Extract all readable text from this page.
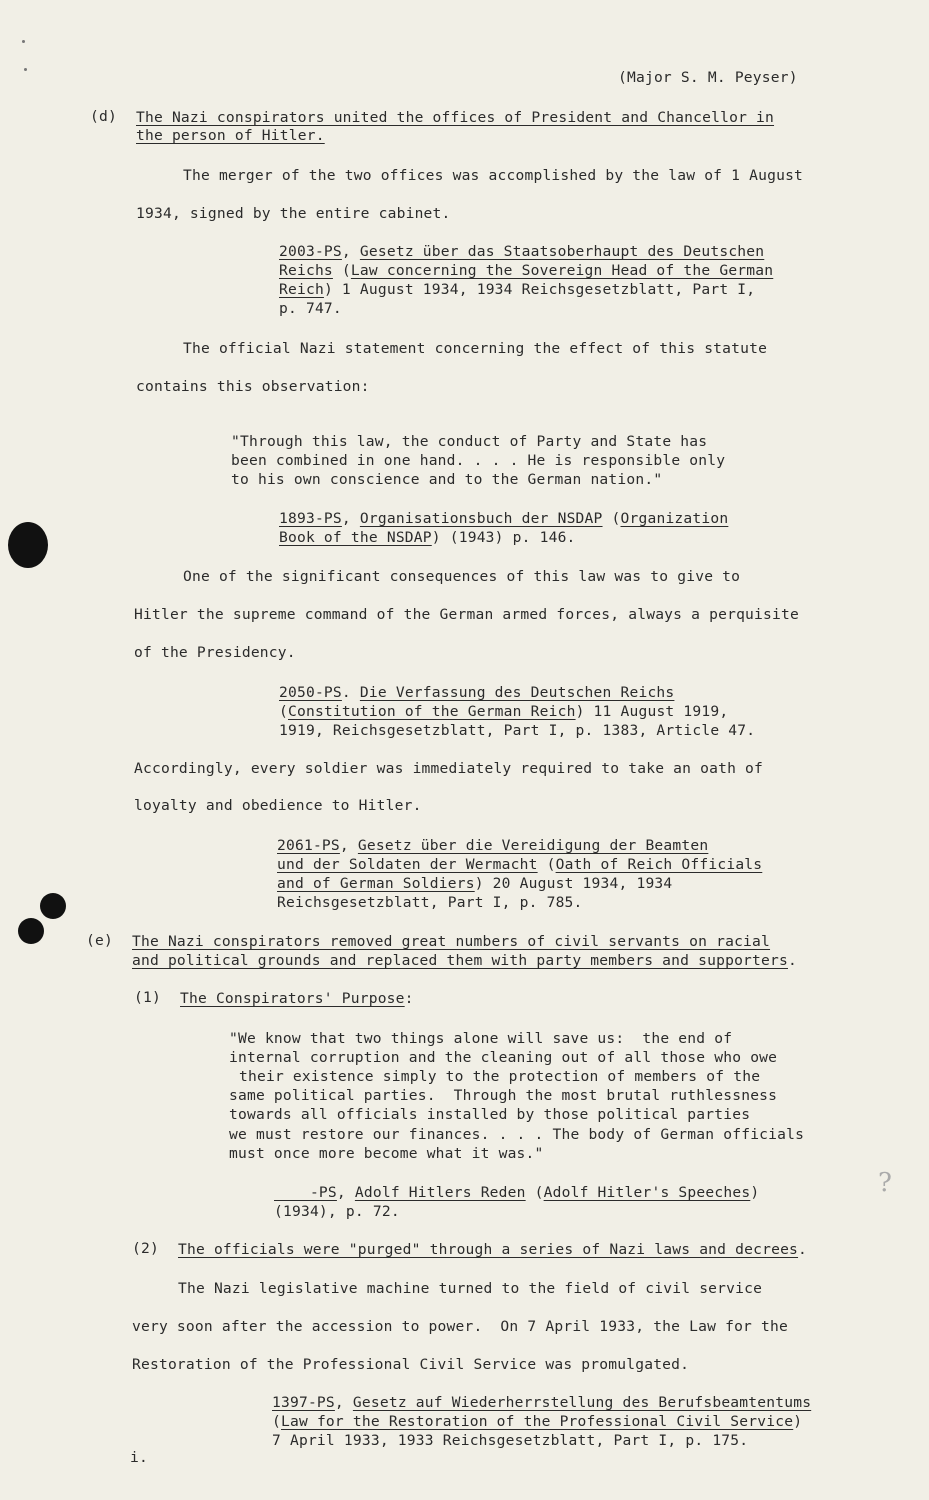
?
(Major S. M. Peyser)
(d) The Nazi conspirators united the offices of President and Chancellor in
the person of Hitler.
The merger of the two offices was accomplished by the law of 1 August
1934, signed by the entire cabinet.
2003-PS, Gesetz über das Staatsoberhaupt des Deutschen
Reichs (Law concerning the Sovereign Head of the German
Reich) 1 August 1934, 1934 Reichsgesetzblatt, Part I,
p. 747.
The official Nazi statement concerning the effect of this statute
contains this observation:
"Through this law, the conduct of Party and State has
been combined in one hand. . . . He is responsible only
to his own conscience and to the German nation."
1893-PS, Organisationsbuch der NSDAP (Organization
Book of the NSDAP) (1943) p. 146.
One of the significant consequences of this law was to give to
Hitler the supreme command of the German armed forces, always a perquisite
of the Presidency.
2050-PS. Die Verfassung des Deutschen Reichs
(Constitution of the German Reich) 11 August 1919,
1919, Reichsgesetzblatt, Part I, p. 1383, Article 47.
Accordingly, every soldier was immediately required to take an oath of
loyalty and obedience to Hitler.
2061-PS, Gesetz über die Vereidigung der Beamten
und der Soldaten der Wermacht (Oath of Reich Officials
and of German Soldiers) 20 August 1934, 1934
Reichsgesetzblatt, Part I, p. 785.
(e) The Nazi conspirators removed great numbers of civil servants on racial
and political grounds and replaced them with party members and supporters.
(1) The Conspirators' Purpose:
"We know that two things alone will save us:  the end of
internal corruption and the cleaning out of all those who owe
their existence simply to the protection of members of the
same political parties.  Through the most brutal ruthlessness
towards all officials installed by those political parties
we must restore our finances. . . . The body of German officials
must once more become what it was."
-PS, Adolf Hitlers Reden (Adolf Hitler's Speeches)
(1934), p. 72.
(2) The officials were "purged" through a series of Nazi laws and decrees.
The Nazi legislative machine turned to the field of civil service
very soon after the accession to power.  On 7 April 1933, the Law for the
Restoration of the Professional Civil Service was promulgated.
1397-PS, Gesetz auf Wiederherrstellung des Berufsbeamtentums
(Law for the Restoration of the Professional Civil Service)
7 April 1933, 1933 Reichsgesetzblatt, Part I, p. 175.
i.
